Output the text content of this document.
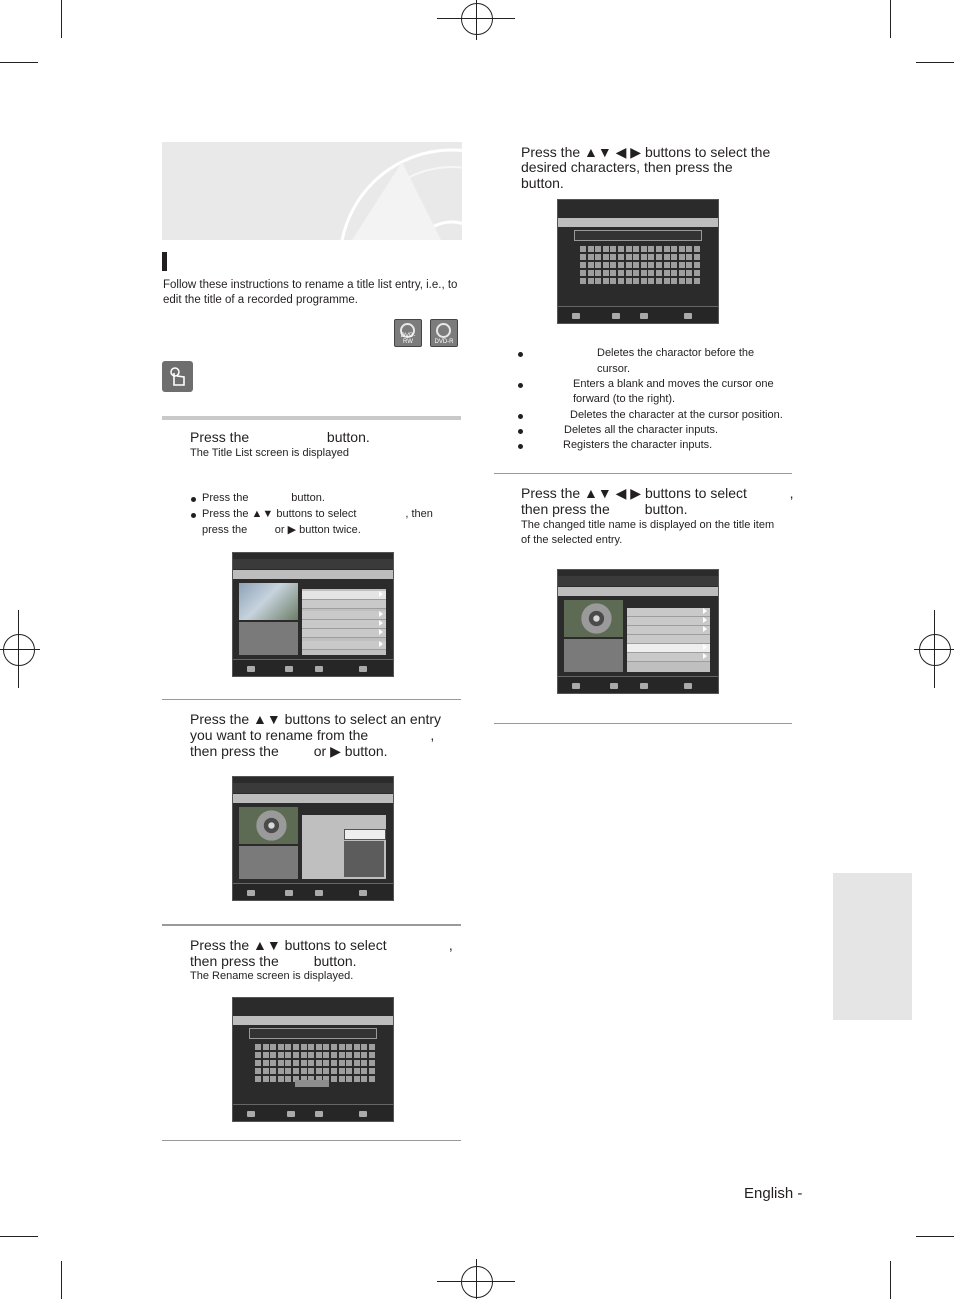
Follow these instructions to rename a title list entry, i.e., to edit the title of a recorded programme.
DVD-RW	DVD-R
Press the                    button.
The Title List screen is displayed
Press the              button.
Press the ▲▼ buttons to select                , then
press the         or ▶ button twice.
Press the ▲▼ buttons to select an entry
you want to rename from the                ,
then press the         or ▶ button.
Press the ▲▼ buttons to select                ,
then press the         button.
The Rename screen is displayed.
Press the ▲▼ ◀ ▶ buttons to select the
desired characters, then press the
button.
Deletes the charactor before the
cursor.
Enters a blank and moves the cursor one
forward (to the right).
Deletes the character at the cursor position.
Deletes all the character inputs.
Registers the character inputs.
Press the ▲▼ ◀ ▶ buttons to select           ,
then press the         button.
The changed title name is displayed on the title item
of the selected entry.
English -
